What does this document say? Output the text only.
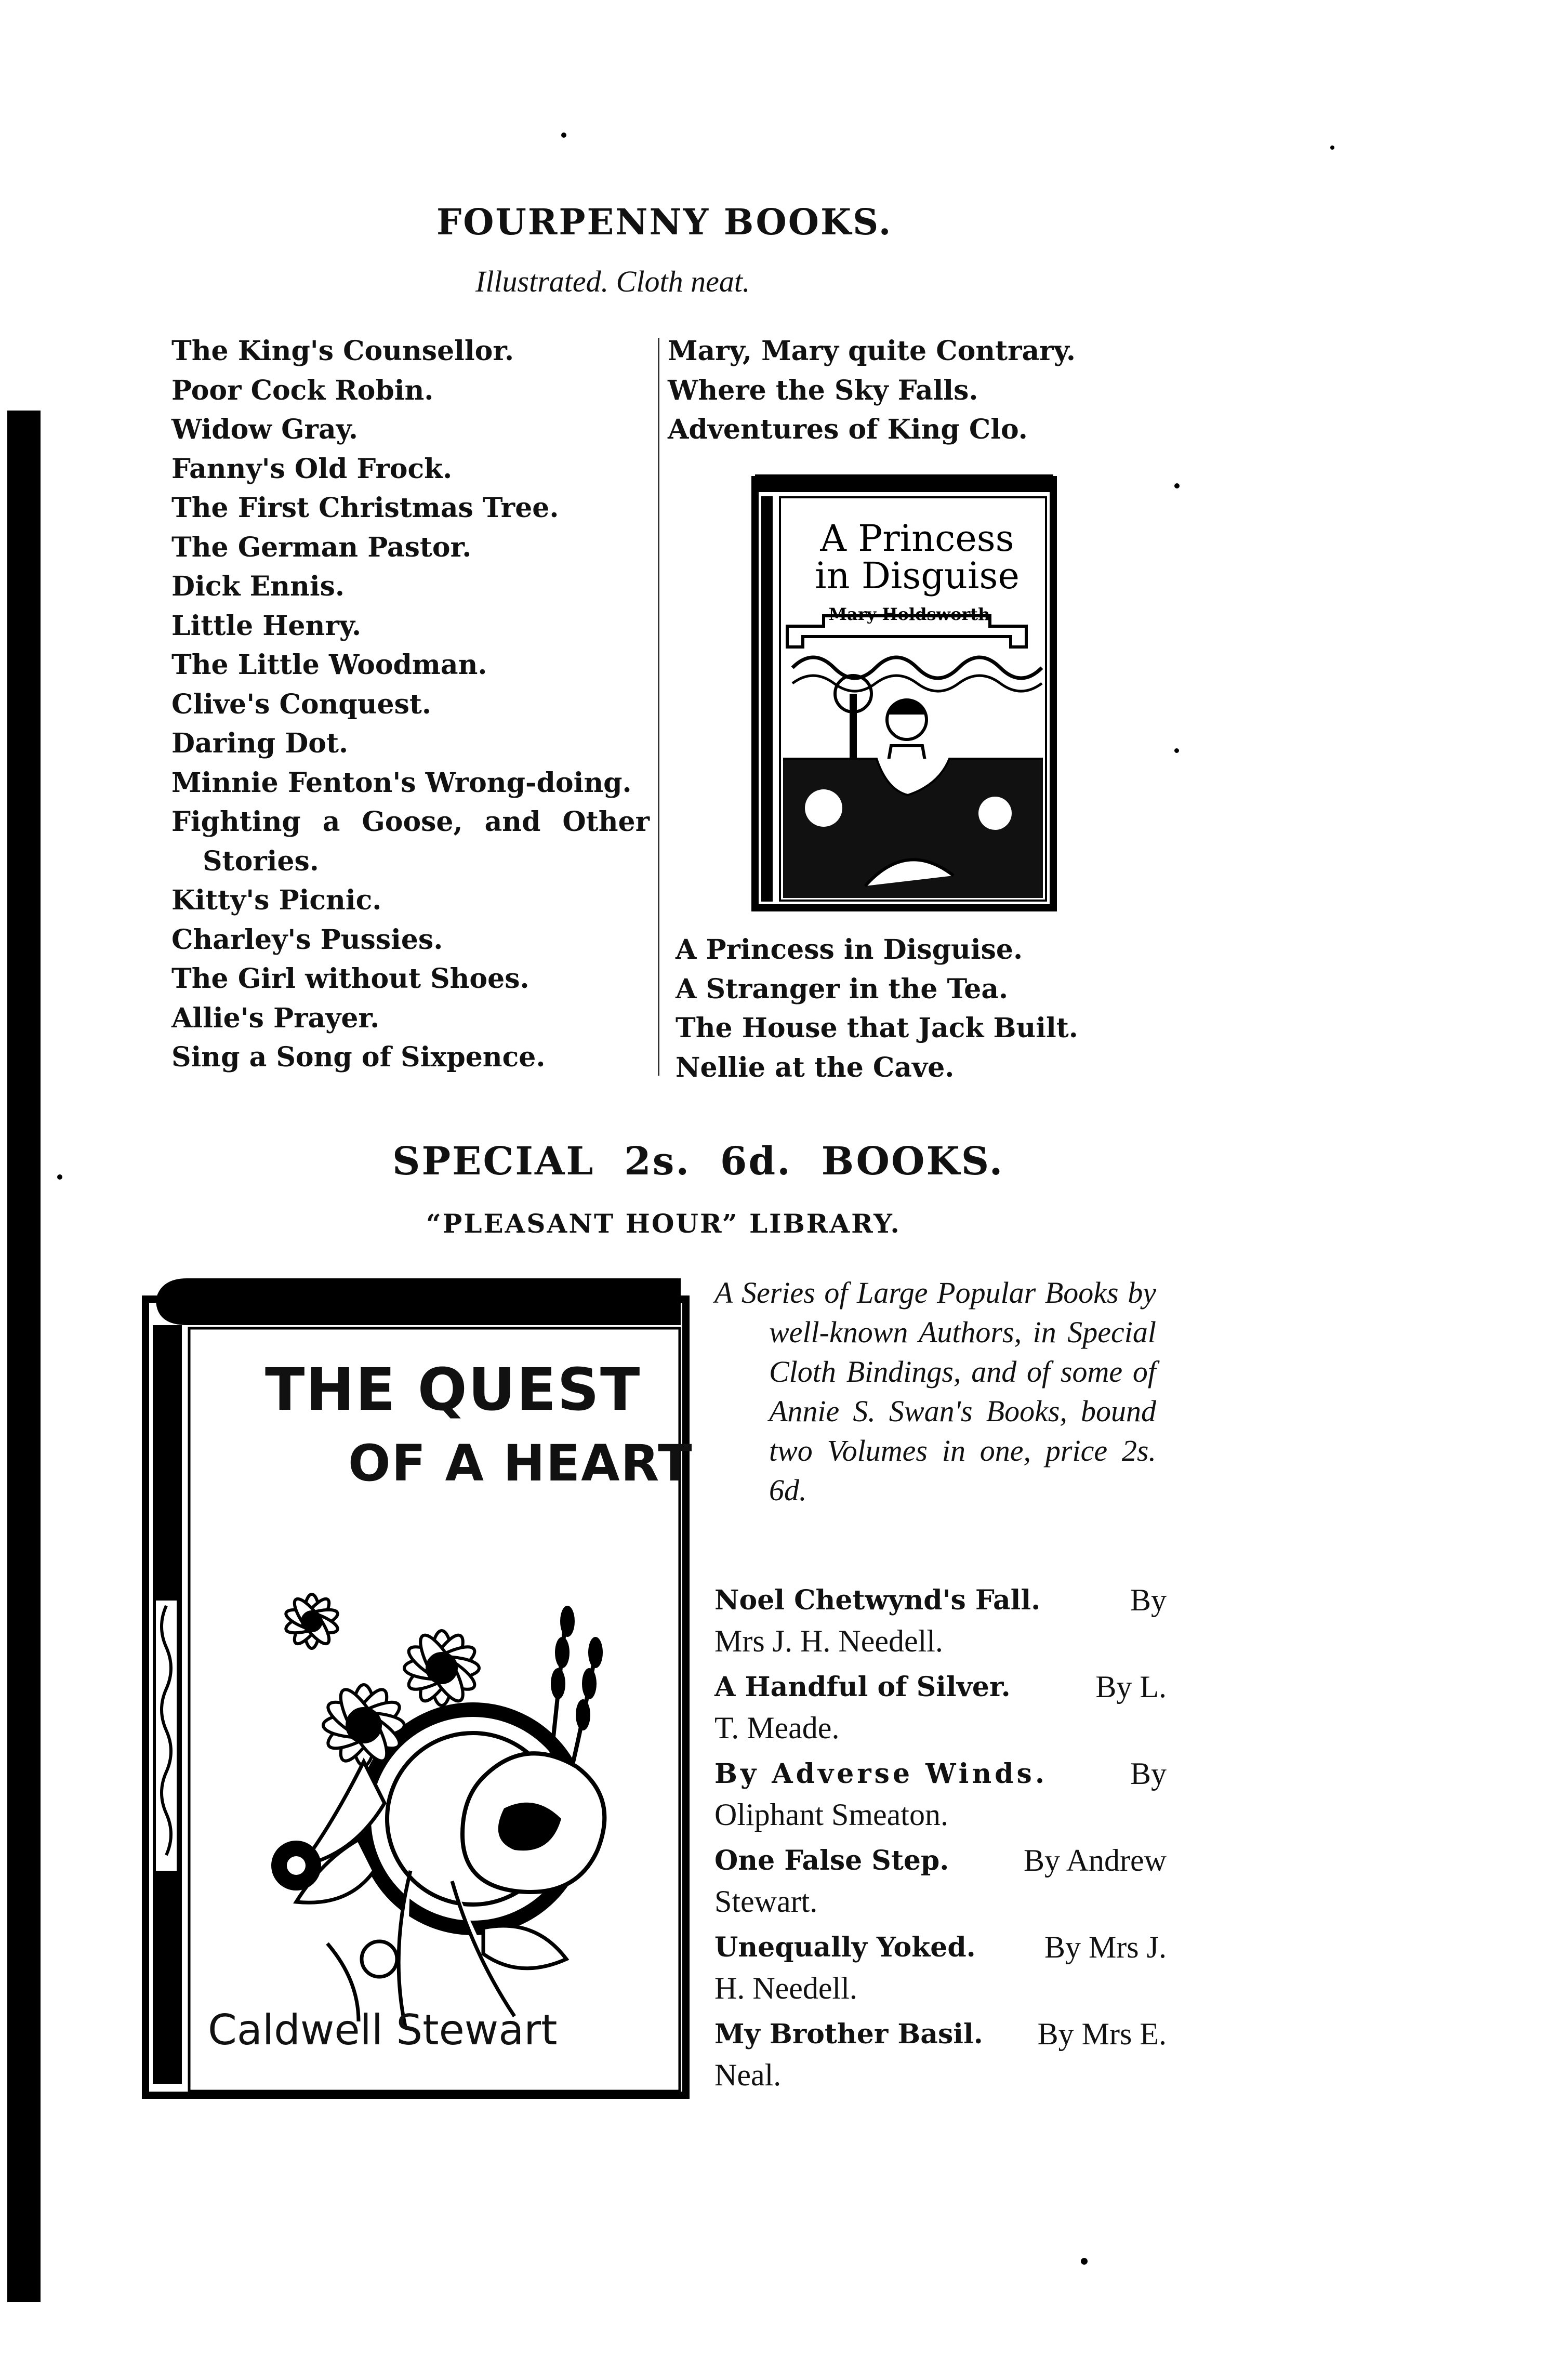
FOURPENNY BOOKS.
Illustrated. Cloth neat.
The King's Counsellor.
Poor Cock Robin.
Widow Gray.
Fanny's Old Frock.
The First Christmas Tree.
The German Pastor.
Dick Ennis.
Little Henry.
The Little Woodman.
Clive's Conquest.
Daring Dot.
Minnie Fenton's Wrong-doing.
Fighting a Goose, and Other Stories.
Kitty's Picnic.
Charley's Pussies.
The Girl without Shoes.
Allie's Prayer.
Sing a Song of Sixpence.
Mary, Mary quite Contrary.
Where the Sky Falls.
Adventures of King Clo.
A Princess
in Disguise
Mary Holdsworth
A Princess in Disguise.
A Stranger in the Tea.
The House that Jack Built.
Nellie at the Cave.
SPECIAL 2s. 6d. BOOKS.
“PLEASANT HOUR” LIBRARY.
THE QUEST
OF A HEART
Caldwell Stewart
A Series of Large Popular Books by well-known Authors, in Special Cloth Bindings, and of some of Annie S. Swan's Books, bound two Volumes in one, price 2s. 6d.
Noel Chetwynd's Fall.	By
Mrs J. H. Needell.
A Handful of Silver.	By L.
T. Meade.
By Adverse Winds.	By
Oliphant Smeaton.
One False Step. By Andrew
Stewart.
Unequally Yoked. By Mrs J.
H. Needell.
My Brother Basil. By Mrs E.
Neal.
